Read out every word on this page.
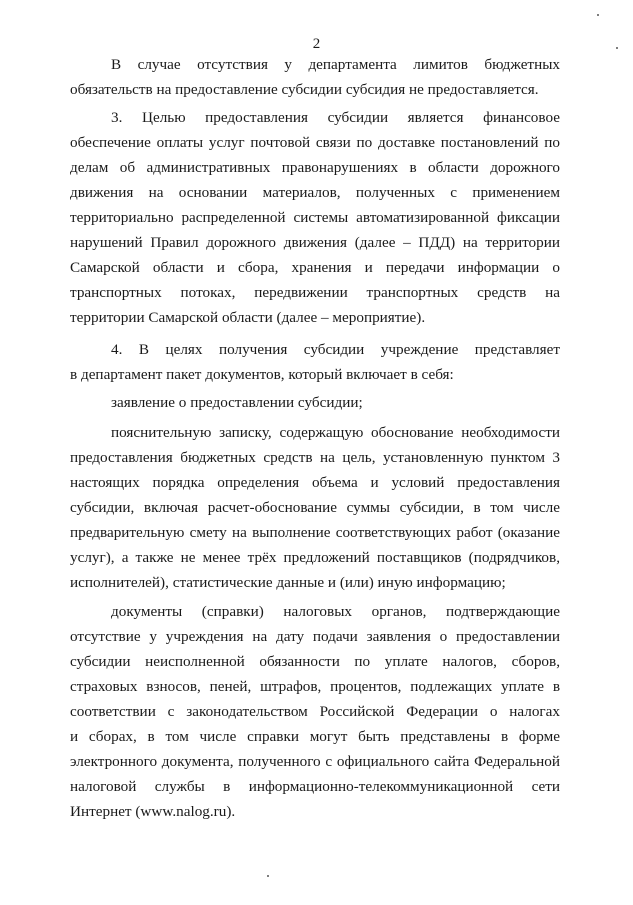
2
В случае отсутствия у департамента лимитов бюджетных
обязательств на предоставление субсидии субсидия не предоставляется.
3. Целью предоставления субсидии является финансовое
обеспечение оплаты услуг почтовой связи по доставке постановлений по
делам об административных правонарушениях в области дорожного
движения на основании материалов, полученных с применением
территориально распределенной системы автоматизированной фиксации
нарушений Правил дорожного движения (далее – ПДД) на территории
Самарской области и сбора, хранения и передачи информации о
транспортных потоках, передвижении транспортных средств на
территории Самарской области (далее – мероприятие).
4. В целях получения субсидии учреждение представляет
в департамент пакет документов, который включает в себя:
заявление о предоставлении субсидии;
пояснительную записку, содержащую обоснование необходимости
предоставления бюджетных средств на цель, установленную пунктом 3
настоящих порядка определения объема и условий предоставления
субсидии, включая расчет-обоснование суммы субсидии, в том числе
предварительную смету на выполнение соответствующих работ (оказание
услуг), а также не менее трёх предложений поставщиков (подрядчиков,
исполнителей), статистические данные и (или) иную информацию;
документы (справки) налоговых органов, подтверждающие
отсутствие у учреждения на дату подачи заявления о предоставлении
субсидии неисполненной обязанности по уплате налогов, сборов,
страховых взносов, пеней, штрафов, процентов, подлежащих уплате в
соответствии с законодательством Российской Федерации о налогах
и сборах, в том числе справки могут быть представлены в форме
электронного документа, полученного с официального сайта Федеральной
налоговой службы в информационно-телекоммуникационной сети
Интернет (www.nalog.ru).
